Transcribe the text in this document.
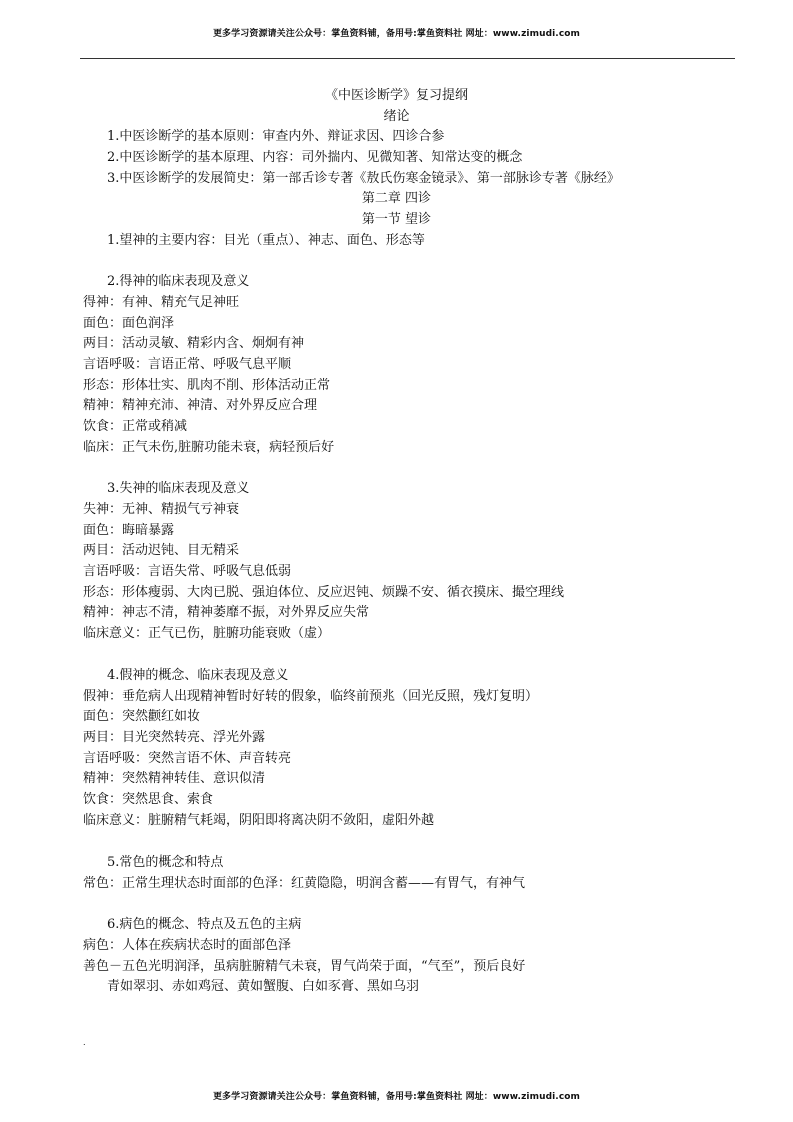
更多学习资源请关注公众号：掌鱼资料铺，备用号:掌鱼资料社 网址：www.zimudi.com
《中医诊断学》复习提纲
绪论
1.中医诊断学的基本原则：审查内外、辩证求因、四诊合参
2.中医诊断学的基本原理、内容：司外揣内、见微知著、知常达变的概念
3.中医诊断学的发展简史：第一部舌诊专著《敖氏伤寒金镜录》、第一部脉诊专著《脉经》
第二章 四诊
第一节 望诊
1.望神的主要内容：目光（重点）、神志、面色、形态等
2.得神的临床表现及意义
得神：有神、精充气足神旺
面色：面色润泽
两目：活动灵敏、精彩内含、炯炯有神
言语呼吸：言语正常、呼吸气息平顺
形态：形体壮实、肌肉不削、形体活动正常
精神：精神充沛、神清、对外界反应合理
饮食：正常或稍减
临床：正气未伤,脏腑功能未衰，病轻预后好
3.失神的临床表现及意义
失神：无神、精损气亏神衰
面色：晦暗暴露
两目：活动迟钝、目无精采
言语呼吸：言语失常、呼吸气息低弱
形态：形体瘦弱、大肉已脱、强迫体位、反应迟钝、烦躁不安、循衣摸床、撮空理线
精神：神志不清，精神萎靡不振，对外界反应失常
临床意义：正气已伤，脏腑功能衰败（虚）
4.假神的概念、临床表现及意义
假神：垂危病人出现精神暂时好转的假象，临终前预兆（回光反照，残灯复明）
面色：突然颧红如妆
两目：目光突然转亮、浮光外露
言语呼吸：突然言语不休、声音转亮
精神：突然精神转佳、意识似清
饮食：突然思食、索食
临床意义：脏腑精气耗竭，阴阳即将离决阴不敛阳，虚阳外越
5.常色的概念和特点
常色：正常生理状态时面部的色泽：红黄隐隐，明润含蓄——有胃气，有神气
6.病色的概念、特点及五色的主病
病色：人体在疾病状态时的面部色泽
善色－五色光明润泽，虽病脏腑精气未衰，胃气尚荣于面，“气至”，预后良好
青如翠羽、赤如鸡冠、黄如蟹腹、白如豕膏、黑如乌羽
.
更多学习资源请关注公众号：掌鱼资料铺，备用号:掌鱼资料社 网址：www.zimudi.com
